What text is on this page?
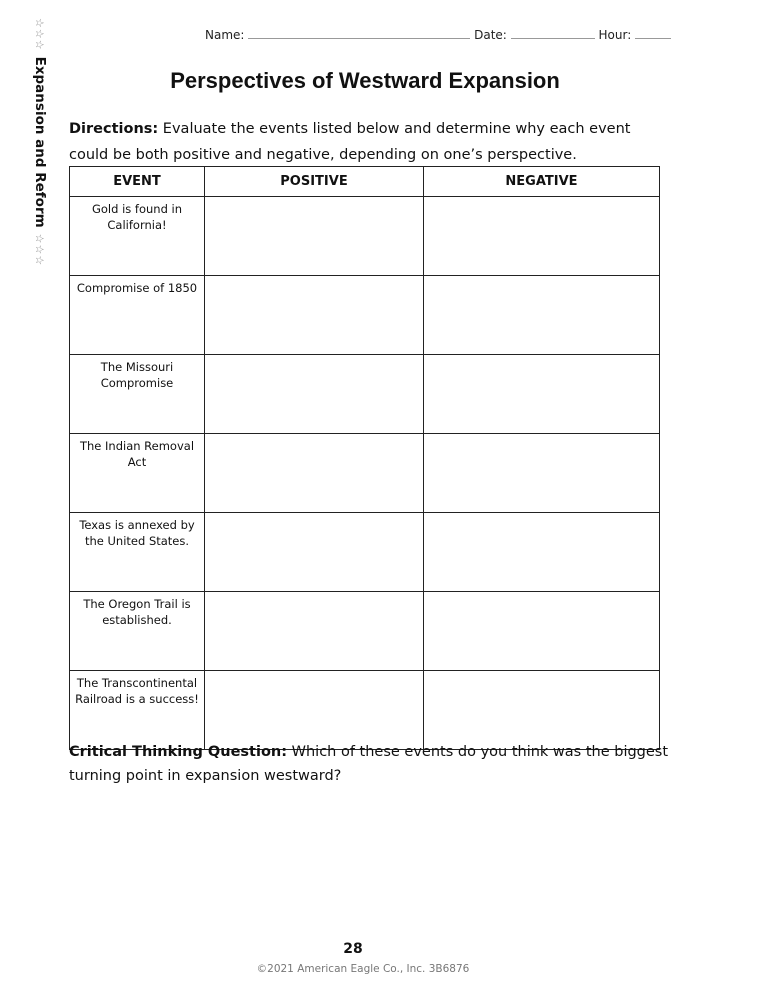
☆☆☆
Expansion and Reform
☆☆☆
Name:	Date:	Hour:
Perspectives of Westward Expansion
Directions: Evaluate the events listed below and determine why each event could be both positive and negative, depending on one’s perspective.
EVENT	POSITIVE	NEGATIVE
Gold is found in California!		
Compromise of 1850		
The Missouri Compromise		
The Indian Removal Act		
Texas is annexed by the United States.		
The Oregon Trail is established.		
The Transcontinental Railroad is a success!		
Critical Thinking Question: Which of these events do you think was the biggest turning point in expansion westward?
28
©2021 American Eagle Co., Inc. 3B6876
